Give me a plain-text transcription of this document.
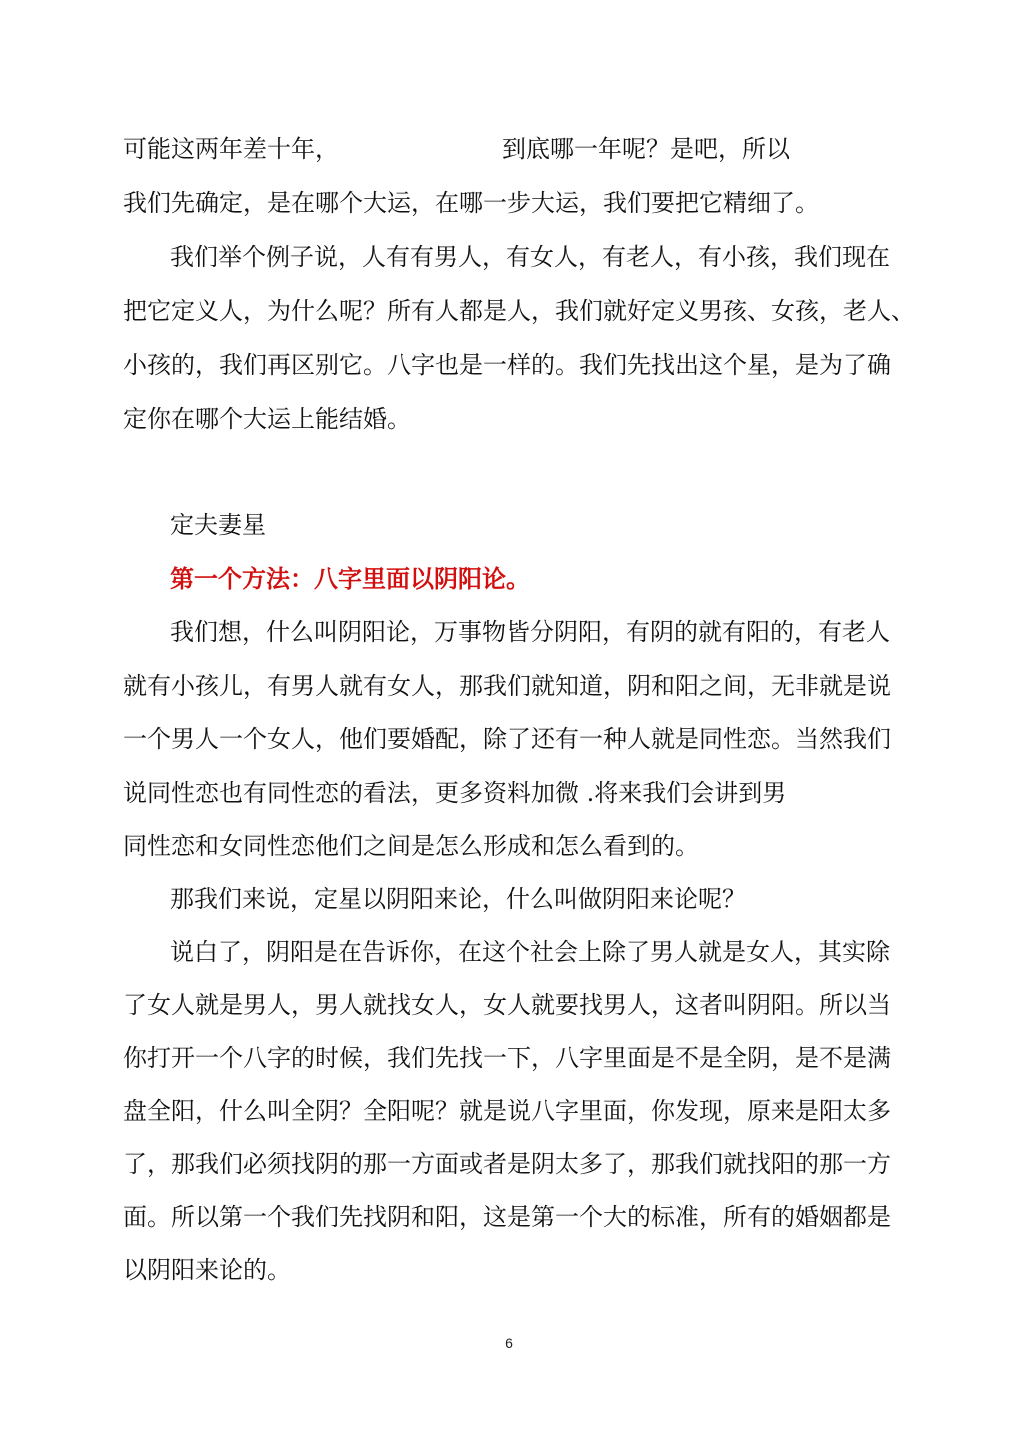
可能这两年差十年，	到底哪一年呢？是吧，所以
我们先确定，是在哪个大运，在哪一步大运，我们要把它精细了。
我们举个例子说，人有有男人，有女人，有老人，有小孩，我们现在
把它定义人，为什么呢？所有人都是人，我们就好定义男孩、女孩，老人、
小孩的，我们再区别它。八字也是一样的。我们先找出这个星，是为了确
定你在哪个大运上能结婚。
定夫妻星
第一个方法：八字里面以阴阳论。
我们想，什么叫阴阳论，万事物皆分阴阳，有阴的就有阳的，有老人
就有小孩儿，有男人就有女人，那我们就知道，阴和阳之间，无非就是说
一个男人一个女人，他们要婚配，除了还有一种人就是同性恋。当然我们
说同性恋也有同性恋的看法，更多资料加微 .将来我们会讲到男
同性恋和女同性恋他们之间是怎么形成和怎么看到的。
那我们来说，定星以阴阳来论，什么叫做阴阳来论呢？
说白了，阴阳是在告诉你，在这个社会上除了男人就是女人，其实除
了女人就是男人，男人就找女人，女人就要找男人，这者叫阴阳。所以当
你打开一个八字的时候，我们先找一下，八字里面是不是全阴，是不是满
盘全阳，什么叫全阴？全阳呢？就是说八字里面，你发现，原来是阳太多
了，那我们必须找阴的那一方面或者是阴太多了，那我们就找阳的那一方
面。所以第一个我们先找阴和阳，这是第一个大的标准，所有的婚姻都是
以阴阳来论的。
6
